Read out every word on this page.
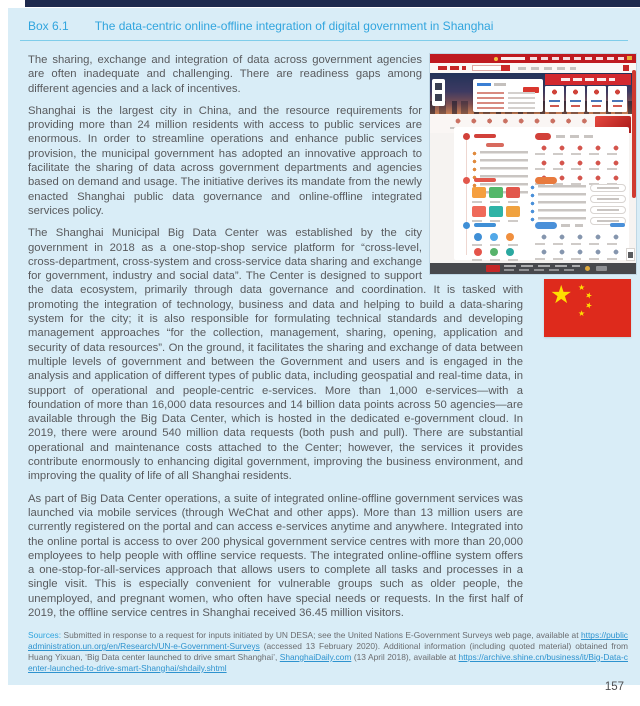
Box 6.1 The data-centric online-offline integration of digital government in Shanghai

The sharing, exchange and integration of data across government agencies are often inadequate and challenging. There are readiness gaps among different agencies and a lack of incentives.

Shanghai is the largest city in China, and the resource requirements for providing more than 24 million residents with access to public services are enormous. In order to streamline operations and enhance public services provision, the municipal government has adopted an innovative approach to facilitate the sharing of data across government departments and agencies based on demand and usage. The initiative derives its mandate from the newly enacted Shanghai public data governance and online-offline integrated services policy.

The Shanghai Municipal Big Data Center was established by the city government in 2018 as a one-stop-shop service platform for “cross-level, cross-department, cross-system and cross-service data sharing and exchange for government, industry and social data”. The Center is designed to support the data ecosystem, primarily through data governance and coordination. It is tasked with promoting the integration of technology, business and data and helping to build a data-sharing system for the city; it is also responsible for formulating technical standards and developing management approaches “for the collection, management, sharing, opening, application and security of data resources”. On the ground, it facilitates the sharing and exchange of data between multiple levels of government and between the Government and users and is engaged in the analysis and application of different types of public data, including geospatial and real-time data, in support of operational and people-centric e-services. More than 1,000 e-services—with a foundation of more than 16,000 data resources and 14 billion data points across 50 agencies—are available through the Big Data Center, which is hosted in the dedicated e-government cloud. In 2019, there were around 540 million data requests (both push and pull). There are substantial operational and maintenance costs attached to the Center; however, the services it provides contribute enormously to enhancing digital government, improving the business environment, and improving the quality of life of all Shanghai residents.

As part of Big Data Center operations, a suite of integrated online-offline government services was launched via mobile services (through WeChat and other apps). More than 13 million users are currently registered on the portal and can access e-services anytime and anywhere. Integrated into the online portal is access to over 200 physical government service centres with more than 20,000 employees to help people with offline service requests. The integrated online-offline system offers a one-stop-for-all-services approach that allows users to complete all tasks and processes in a single visit. This is especially convenient for vulnerable groups such as older people, the unemployed, and pregnant women, who often have special needs or requests. In the first half of 2019, the offline service centres in Shanghai received 36.45 million visitors.

Sources: Submitted in response to a request for inputs initiated by UN DESA; see the United Nations E-Government Surveys web page, available at https://publicadministration.un.org/en/Research/UN-e-Government-Surveys (accessed 13 February 2020). Additional information (including quoted material) obtained from Huang Yixuan, ‘Big Data center launched to drive smart Shanghai’, ShanghaiDaily.com (13 April 2018), available at https://archive.shine.cn/business/it/Big-Data-center-launched-to-drive-smart-Shanghai/shdaily.shtml
★ ★
★
★
★
157
